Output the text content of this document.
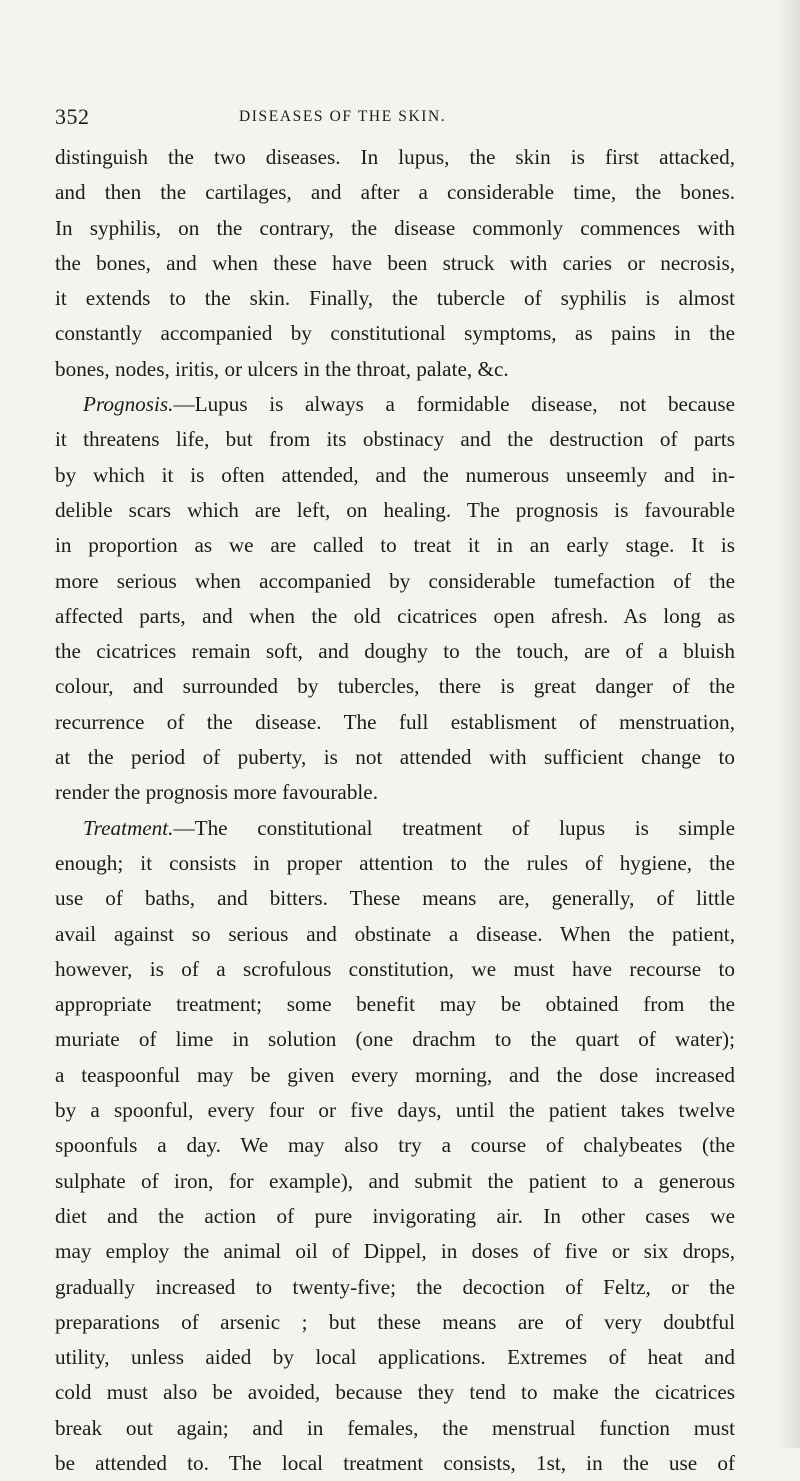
352	DISEASES OF THE SKIN.
distinguish the two diseases. In lupus, the skin is first attacked,
and then the cartilages, and after a considerable time, the bones.
In syphilis, on the contrary, the disease commonly commences with
the bones, and when these have been struck with caries or necrosis,
it extends to the skin. Finally, the tubercle of syphilis is almost
constantly accompanied by constitutional symptoms, as pains in the
bones, nodes, iritis, or ulcers in the throat, palate, &c.
Prognosis.—Lupus is always a formidable disease, not because
it threatens life, but from its obstinacy and the destruction of parts
by which it is often attended, and the numerous unseemly and in-
delible scars which are left, on healing. The prognosis is favourable
in proportion as we are called to treat it in an early stage. It is
more serious when accompanied by considerable tumefaction of the
affected parts, and when the old cicatrices open afresh. As long as
the cicatrices remain soft, and doughy to the touch, are of a bluish
colour, and surrounded by tubercles, there is great danger of the
recurrence of the disease. The full establisment of menstruation,
at the period of puberty, is not attended with sufficient change to
render the prognosis more favourable.
Treatment.—The constitutional treatment of lupus is simple
enough; it consists in proper attention to the rules of hygiene, the
use of baths, and bitters. These means are, generally, of little
avail against so serious and obstinate a disease. When the patient,
however, is of a scrofulous constitution, we must have recourse to
appropriate treatment; some benefit may be obtained from the
muriate of lime in solution (one drachm to the quart of water);
a teaspoonful may be given every morning, and the dose increased
by a spoonful, every four or five days, until the patient takes twelve
spoonfuls a day. We may also try a course of chalybeates (the
sulphate of iron, for example), and submit the patient to a generous
diet and the action of pure invigorating air. In other cases we
may employ the animal oil of Dippel, in doses of five or six drops,
gradually increased to twenty-five; the decoction of Feltz, or the
preparations of arsenic ; but these means are of very doubtful
utility, unless aided by local applications. Extremes of heat and
cold must also be avoided, because they tend to make the cicatrices
break out again; and in females, the menstrual function must
be attended to. The local treatment consists, 1st, in the use of
